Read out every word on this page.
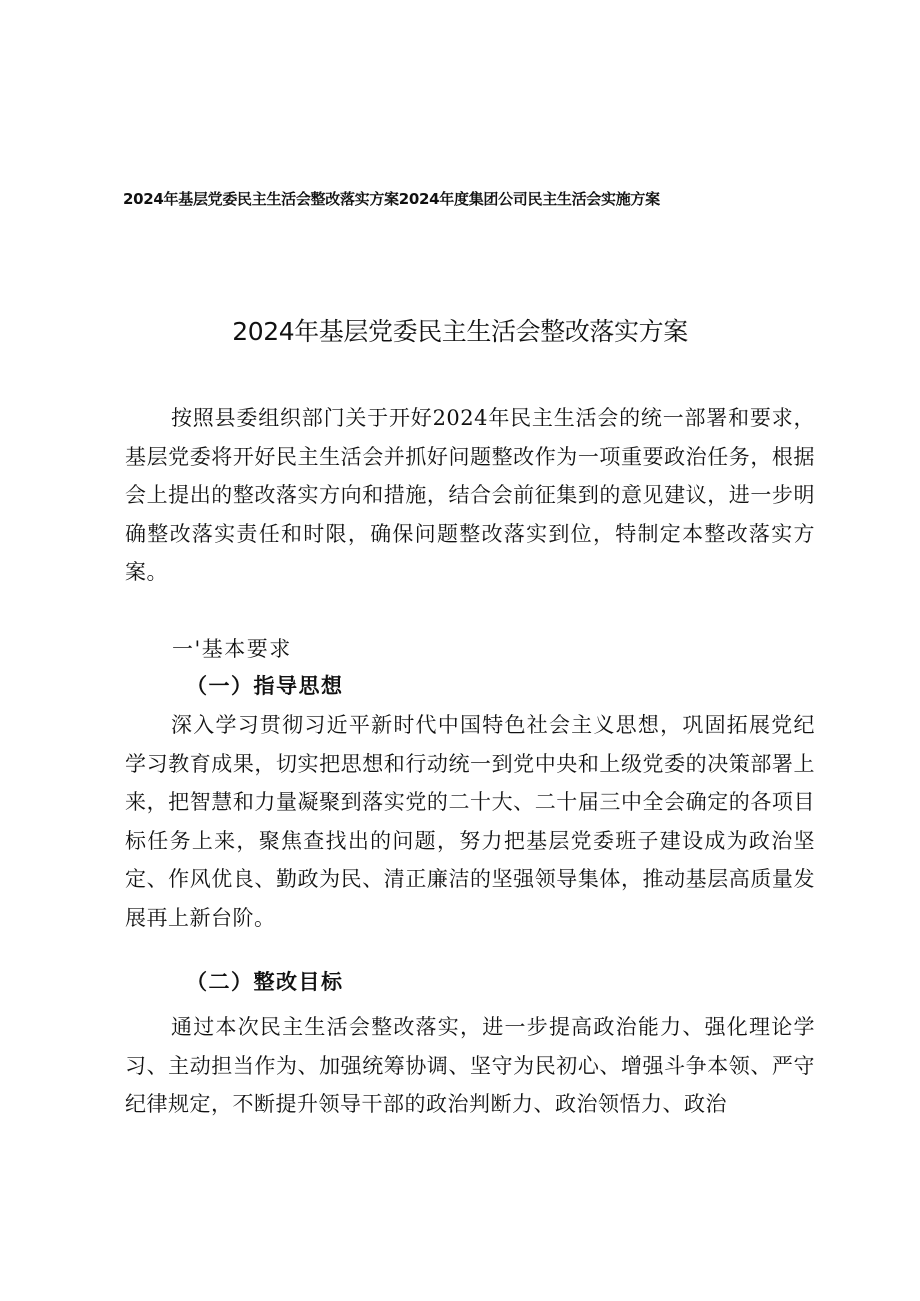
2024年基层党委民主生活会整改落实方案2024年度集团公司民主生活会实施方案
2024年基层党委民主生活会整改落实方案
按照县委组织部门关于开好2024年民主生活会的统一部署和要求，基层党委将开好民主生活会并抓好问题整改作为一项重要政治任务，根据会上提出的整改落实方向和措施，结合会前征集到的意见建议，进一步明确整改落实责任和时限，确保问题整改落实到位，特制定本整改落实方案。
一'基本要求
（一）指导思想
深入学习贯彻习近平新时代中国特色社会主义思想，巩固拓展党纪学习教育成果，切实把思想和行动统一到党中央和上级党委的决策部署上来，把智慧和力量凝聚到落实党的二十大、二十届三中全会确定的各项目标任务上来，聚焦查找出的问题，努力把基层党委班子建设成为政治坚定、作风优良、勤政为民、清正廉洁的坚强领导集体，推动基层高质量发展再上新台阶。
（二）整改目标
通过本次民主生活会整改落实，进一步提高政治能力、强化理论学习、主动担当作为、加强统筹协调、坚守为民初心、增强斗争本领、严守纪律规定，不断提升领导干部的政治判断力、政治领悟力、政治
